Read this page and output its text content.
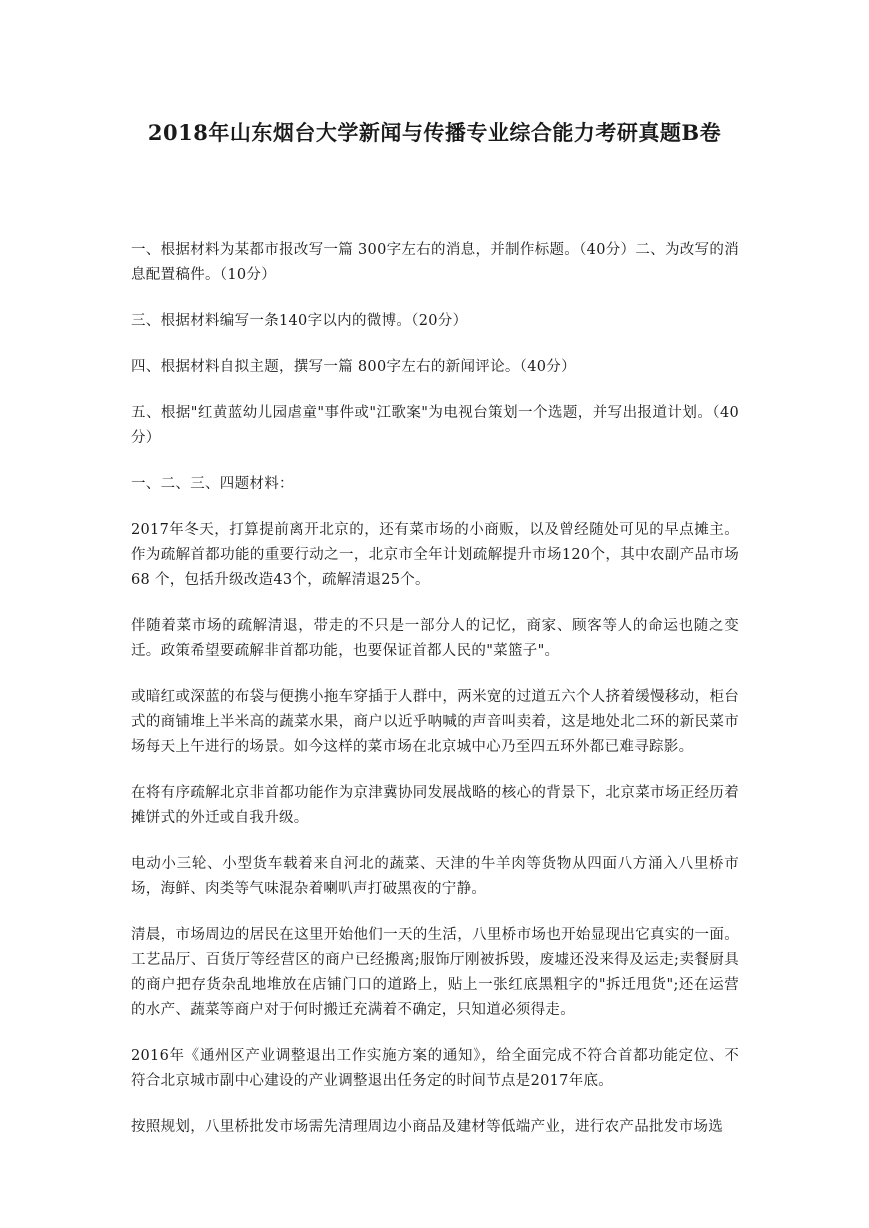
2018年山东烟台大学新闻与传播专业综合能力考研真题B卷

一、根据材料为某都市报改写一篇 300字左右的消息，并制作标题。（40分）二、为改写的消息配置稿件。（10分）

三、根据材料编写一条140字以内的微博。（20分）

四、根据材料自拟主题，撰写一篇 800字左右的新闻评论。（40分）

五、根据"红黄蓝幼儿园虐童"事件或"江歌案"为电视台策划一个选题，并写出报道计划。（40分）

一、二、三、四题材料：

2017年冬天，打算提前离开北京的，还有菜市场的小商贩，以及曾经随处可见的早点摊主。作为疏解首都功能的重要行动之一，北京市全年计划疏解提升市场120个，其中农副产品市场68 个，包括升级改造43个，疏解清退25个。

伴随着菜市场的疏解清退，带走的不只是一部分人的记忆，商家、顾客等人的命运也随之变迁。政策希望要疏解非首都功能，也要保证首都人民的"菜篮子"。

或暗红或深蓝的布袋与便携小拖车穿插于人群中，两米宽的过道五六个人挤着缓慢移动，柜台式的商铺堆上半米高的蔬菜水果，商户以近乎呐喊的声音叫卖着，这是地处北二环的新民菜市场每天上午进行的场景。如今这样的菜市场在北京城中心乃至四五环外都已难寻踪影。

在将有序疏解北京非首都功能作为京津冀协同发展战略的核心的背景下，北京菜市场正经历着摊饼式的外迁或自我升级。

电动小三轮、小型货车载着来自河北的蔬菜、天津的牛羊肉等货物从四面八方涌入八里桥市场，海鲜、肉类等气味混杂着喇叭声打破黑夜的宁静。

清晨，市场周边的居民在这里开始他们一天的生活，八里桥市场也开始显现出它真实的一面。工艺品厅、百货厅等经营区的商户已经搬离;服饰厅刚被拆毁，废墟还没来得及运走;卖餐厨具的商户把存货杂乱地堆放在店铺门口的道路上，贴上一张红底黑粗字的"拆迁甩货";还在运营的水产、蔬菜等商户对于何时搬迁充满着不确定，只知道必须得走。

2016年《通州区产业调整退出工作实施方案的通知》，给全面完成不符合首都功能定位、不符合北京城市副中心建设的产业调整退出任务定的时间节点是2017年底。

按照规划，八里桥批发市场需先清理周边小商品及建材等低端产业，进行农产品批发市场选
